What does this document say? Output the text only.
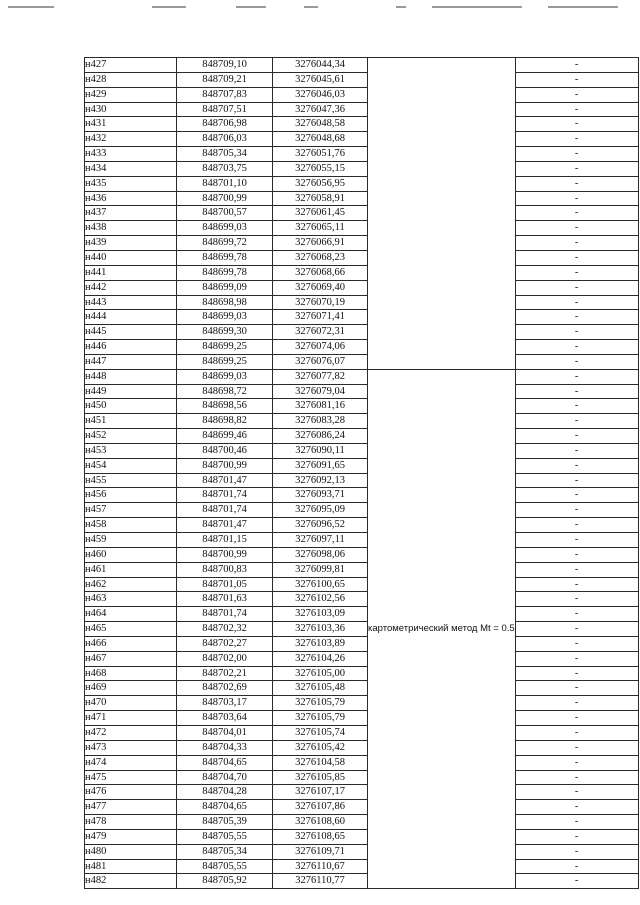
н427	848709,10	3276044,34		-
н428	848709,21	3276045,61		-
н429	848707,83	3276046,03		-
н430	848707,51	3276047,36		-
н431	848706,98	3276048,58		-
н432	848706,03	3276048,68		-
н433	848705,34	3276051,76		-
н434	848703,75	3276055,15		-
н435	848701,10	3276056,95		-
н436	848700,99	3276058,91		-
н437	848700,57	3276061,45		-
н438	848699,03	3276065,11		-
н439	848699,72	3276066,91		-
н440	848699,78	3276068,23		-
н441	848699,78	3276068,66		-
н442	848699,09	3276069,40		-
н443	848698,98	3276070,19		-
н444	848699,03	3276071,41		-
н445	848699,30	3276072,31		-
н446	848699,25	3276074,06		-
н447	848699,25	3276076,07		-
н448	848699,03	3276077,82	картометрический метод Mt = 0.5	-
н449	848698,72	3276079,04		-
н450	848698,56	3276081,16		-
н451	848698,82	3276083,28		-
н452	848699,46	3276086,24		-
н453	848700,46	3276090,11		-
н454	848700,99	3276091,65		-
н455	848701,47	3276092,13		-
н456	848701,74	3276093,71		-
н457	848701,74	3276095,09		-
н458	848701,47	3276096,52		-
н459	848701,15	3276097,11		-
н460	848700,99	3276098,06		-
н461	848700,83	3276099,81		-
н462	848701,05	3276100,65		-
н463	848701,63	3276102,56		-
н464	848701,74	3276103,09		-
н465	848702,32	3276103,36		-
н466	848702,27	3276103,89		-
н467	848702,00	3276104,26		-
н468	848702,21	3276105,00		-
н469	848702,69	3276105,48		-
н470	848703,17	3276105,79		-
н471	848703,64	3276105,79		-
н472	848704,01	3276105,74		-
н473	848704,33	3276105,42		-
н474	848704,65	3276104,58		-
н475	848704,70	3276105,85		-
н476	848704,28	3276107,17		-
н477	848704,65	3276107,86		-
н478	848705,39	3276108,60		-
н479	848705,55	3276108,65		-
н480	848705,34	3276109,71		-
н481	848705,55	3276110,67		-
н482	848705,92	3276110,77		-
